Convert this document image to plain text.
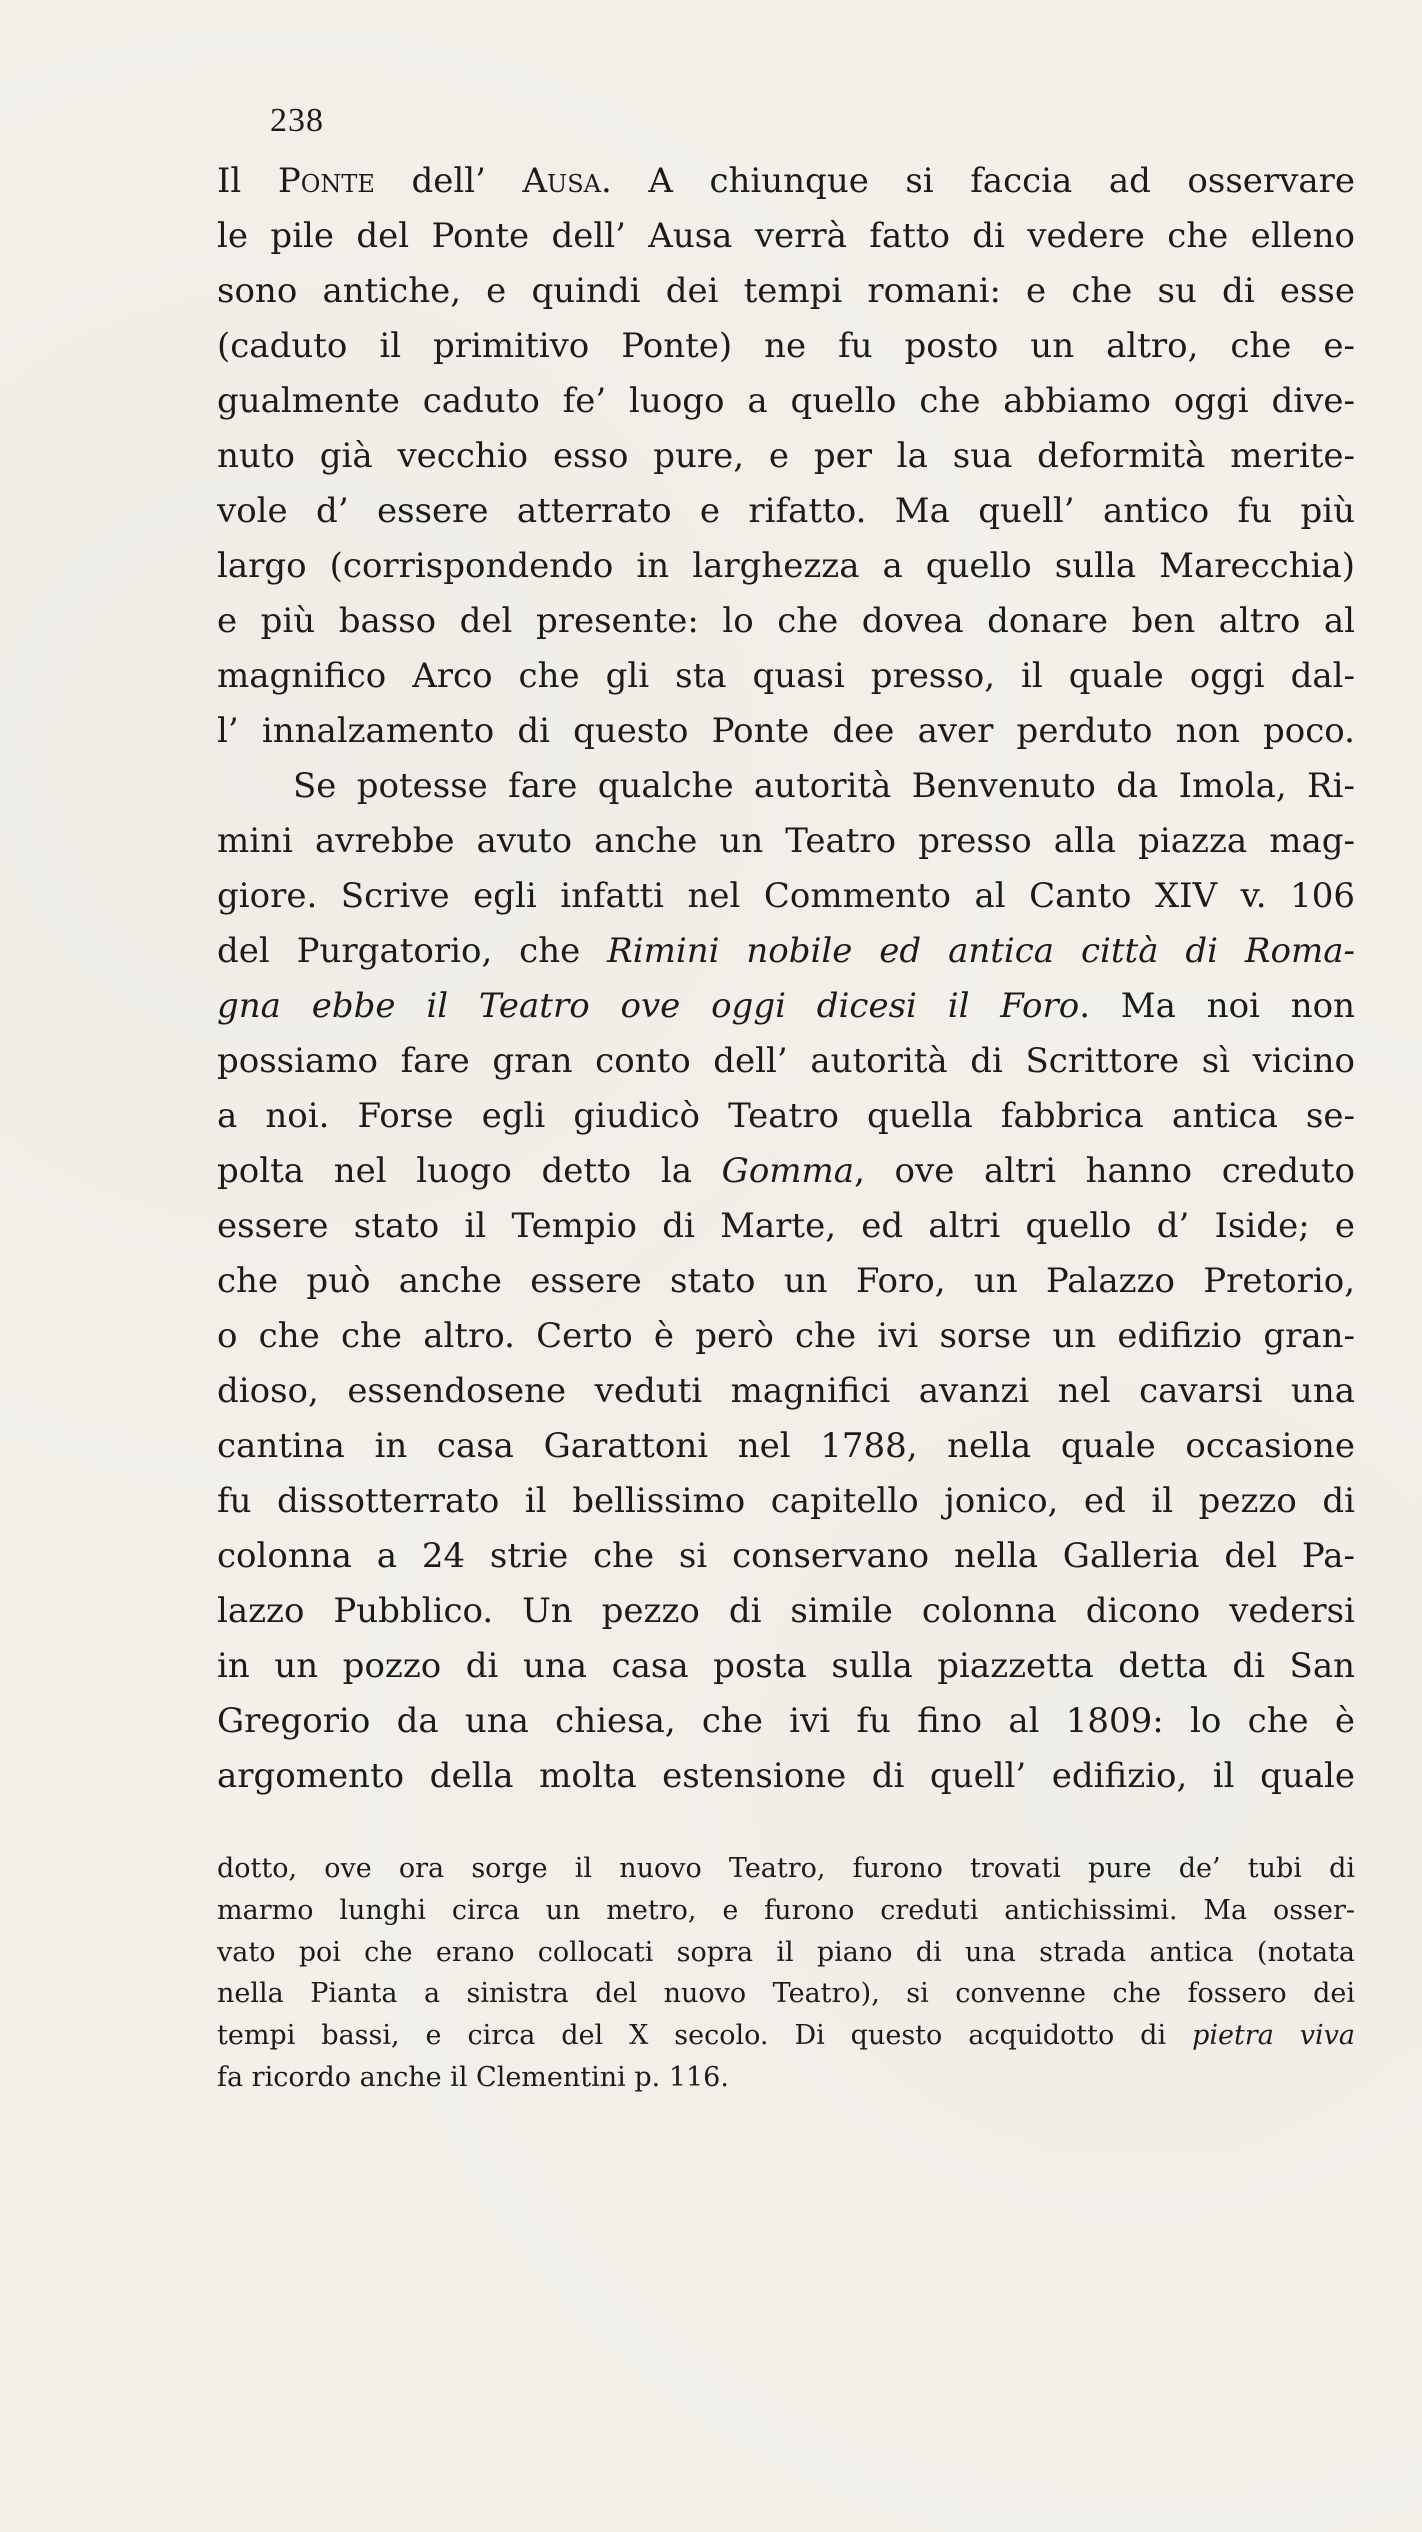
238
Il Ponte dell’ Ausa. A chiunque si faccia ad osservare
le pile del Ponte dell’ Ausa verrà fatto di vedere che elleno
sono antiche, e quindi dei tempi romani: e che su di esse
(caduto il primitivo Ponte) ne fu posto un altro, che e-
gualmente caduto fe’ luogo a quello che abbiamo oggi dive-
nuto già vecchio esso pure, e per la sua deformità merite-
vole d’ essere atterrato e rifatto. Ma quell’ antico fu più
largo (corrispondendo in larghezza a quello sulla Marecchia)
e più basso del presente: lo che dovea donare ben altro al
magnifico Arco che gli sta quasi presso, il quale oggi dal-
l’ innalzamento di questo Ponte dee aver perduto non poco.
Se potesse fare qualche autorità Benvenuto da Imola, Ri-
mini avrebbe avuto anche un Teatro presso alla piazza mag-
giore. Scrive egli infatti nel Commento al Canto XIV v. 106
del Purgatorio, che Rimini nobile ed antica città di Roma-
gna ebbe il Teatro ove oggi dicesi il Foro. Ma noi non
possiamo fare gran conto dell’ autorità di Scrittore sì vicino
a noi. Forse egli giudicò Teatro quella fabbrica antica se-
polta nel luogo detto la Gomma, ove altri hanno creduto
essere stato il Tempio di Marte, ed altri quello d’ Iside; e
che può anche essere stato un Foro, un Palazzo Pretorio,
o che che altro. Certo è però che ivi sorse un edifizio gran-
dioso, essendosene veduti magnifici avanzi nel cavarsi una
cantina in casa Garattoni nel 1788, nella quale occasione
fu dissotterrato il bellissimo capitello jonico, ed il pezzo di
colonna a 24 strie che si conservano nella Galleria del Pa-
lazzo Pubblico. Un pezzo di simile colonna dicono vedersi
in un pozzo di una casa posta sulla piazzetta detta di San
Gregorio da una chiesa, che ivi fu fino al 1809: lo che è
argomento della molta estensione di quell’ edifizio, il quale
dotto, ove ora sorge il nuovo Teatro, furono trovati pure de’ tubi di
marmo lunghi circa un metro, e furono creduti antichissimi. Ma osser-
vato poi che erano collocati sopra il piano di una strada antica (notata
nella Pianta a sinistra del nuovo Teatro), si convenne che fossero dei
tempi bassi, e circa del X secolo. Di questo acquidotto di pietra viva
fa ricordo anche il Clementini p. 116.
